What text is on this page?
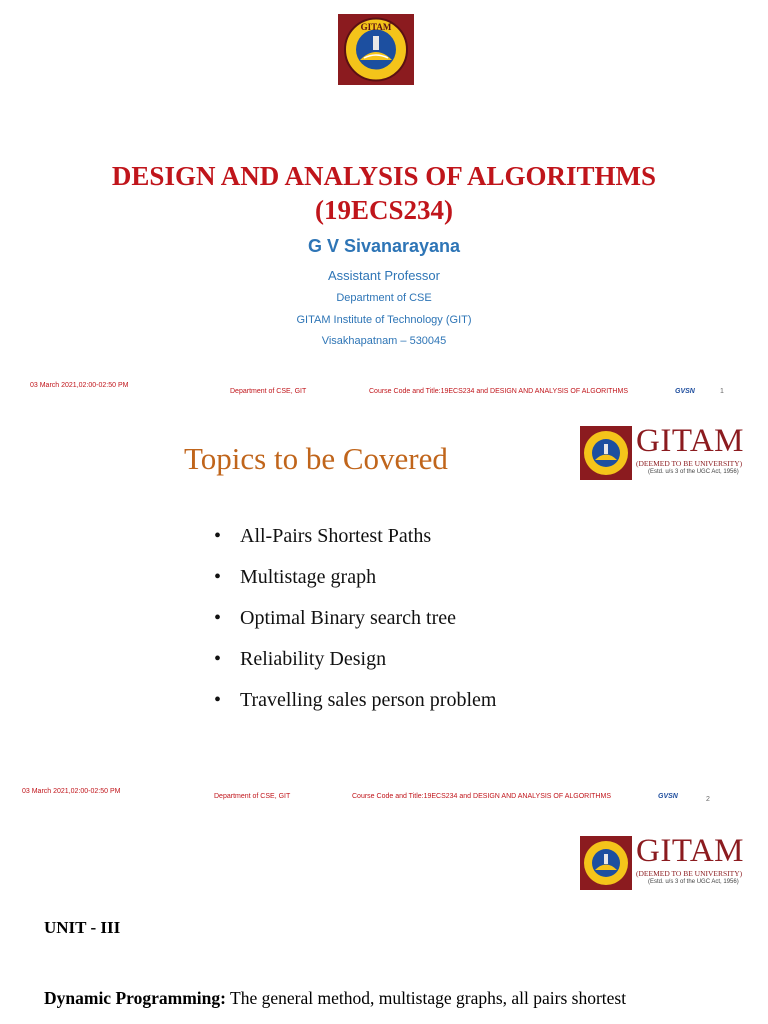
GITAM
DESIGN AND ANALYSIS OF ALGORITHMS
(19ECS234)
G V Sivanarayana
Assistant Professor
Department of CSE
GITAM Institute of Technology (GIT)
Visakhapatnam – 530045
03 March 2021,02:00-02:50 PM
Department of CSE, GIT	Course Code and Title:19ECS234 and DESIGN AND ANALYSIS OF ALGORITHMS	GVSN	1
Topics to be Covered	GITAM
(DEEMED TO BE UNIVERSITY)
(Estd. u/s 3 of the UGC Act, 1956)
• All-Pairs Shortest Paths
• Multistage graph
• Optimal Binary search tree
• Reliability Design
• Travelling sales person problem
03 March 2021,02:00-02:50 PM
Department of CSE, GIT	Course Code and Title:19ECS234 and DESIGN AND ANALYSIS OF ALGORITHMS	GVSN	2
GITAM
(DEEMED TO BE UNIVERSITY)
(Estd. u/s 3 of the UGC Act, 1956)
UNIT - III
Dynamic Programming: The general method, multistage graphs, all pairs shortest
